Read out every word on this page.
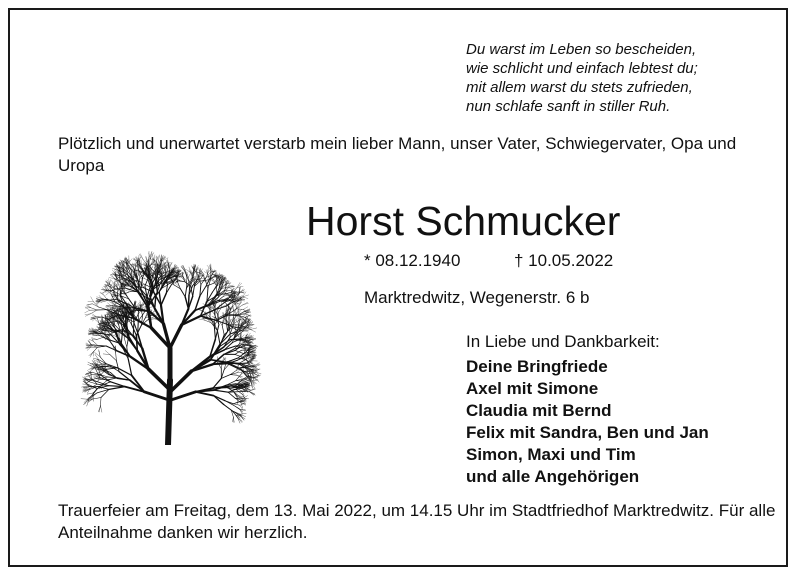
Du warst im Leben so bescheiden,
wie schlicht und einfach lebtest du;
mit allem warst du stets zufrieden,
nun schlafe sanft in stiller Ruh.
Plötzlich und unerwartet verstarb mein lieber Mann, unser Vater, Schwiegervater, Opa und Uropa
Horst Schmucker
* 08.12.1940	† 10.05.2022
Marktredwitz, Wegenerstr. 6 b
In Liebe und Dankbarkeit:
Deine Bringfriede
Axel mit Simone
Claudia mit Bernd
Felix mit Sandra, Ben und Jan
Simon, Maxi und Tim
und alle Angehörigen
Trauerfeier am Freitag, dem 13. Mai 2022, um 14.15 Uhr im Stadtfriedhof Marktredwitz. Für alle Anteilnahme danken wir herzlich.
